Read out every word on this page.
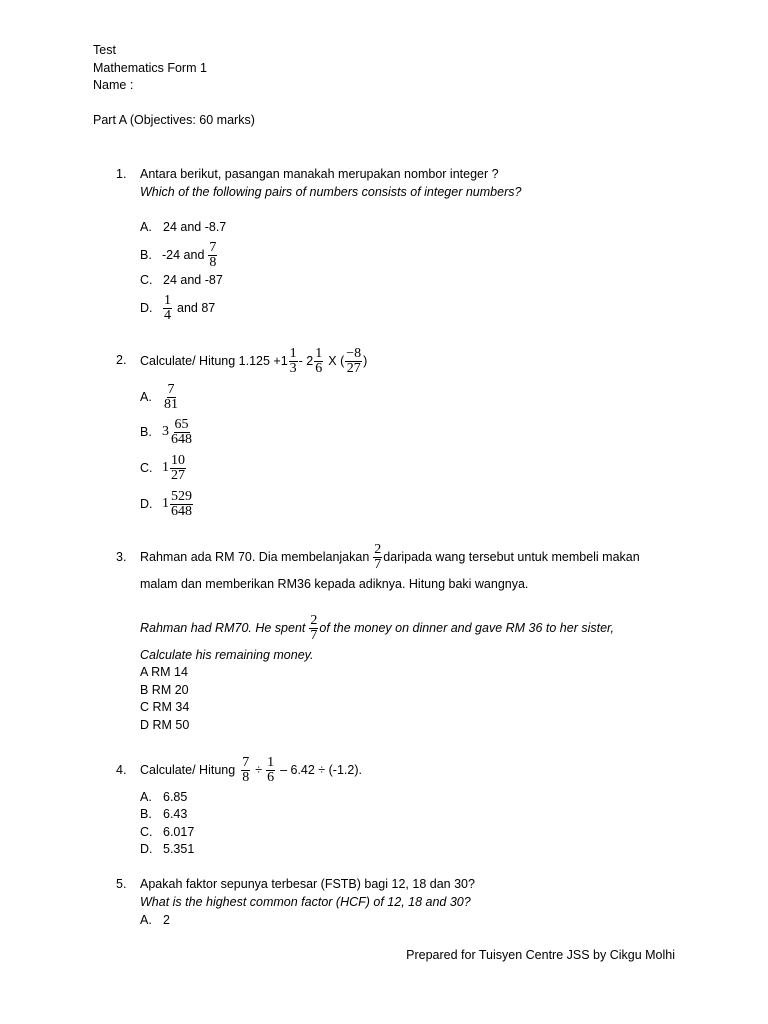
Test
Mathematics Form 1
Name :
Part A (Objectives: 60 marks)
1. Antara berikut, pasangan manakah merupakan nombor integer ?
Which of the following pairs of numbers consists of integer numbers?
A. 24 and -8.7
B. -24 and $\frac{7}{8}$
C. 24 and -87
D. $\frac{1}{4}$ and 87
2. Calculate/ Hitung $1.125 +1 \frac{1}{3} - 2 \frac{1}{6}$ X ( $\frac{-8}{27}$ )
A. $\frac{7}{81}$
B. $3 \frac{65}{648}$
C. $1 \frac{10}{27}$
D. $1 \frac{529}{648}$
3. Rahman ada RM 70. Dia membelanjakan $\frac{2}{7}$ daripada wang tersebut untuk membeli makan
malam dan memberikan RM36 kepada adiknya. Hitung baki wangnya.
Rahman had RM70. He spent $\frac{2}{7}$ of the money on dinner and gave RM 36 to her sister,
Calculate his remaining money.
A RM 14
B RM 20
C RM 34
D RM 50
4. Calculate/ Hitung $\frac{7}{8} \div \frac{1}{6} - 6.42 \div (-1.2)$.
A. 6.85
B. 6.43
C. 6.017
D. 5.351
5. Apakah faktor sepunya terbesar (FSTB) bagi 12, 18 dan 30?
What is the highest common factor (HCF) of 12, 18 and 30?
A. 2
Prepared for Tuisyen Centre JSS by Cikgu Molhi
